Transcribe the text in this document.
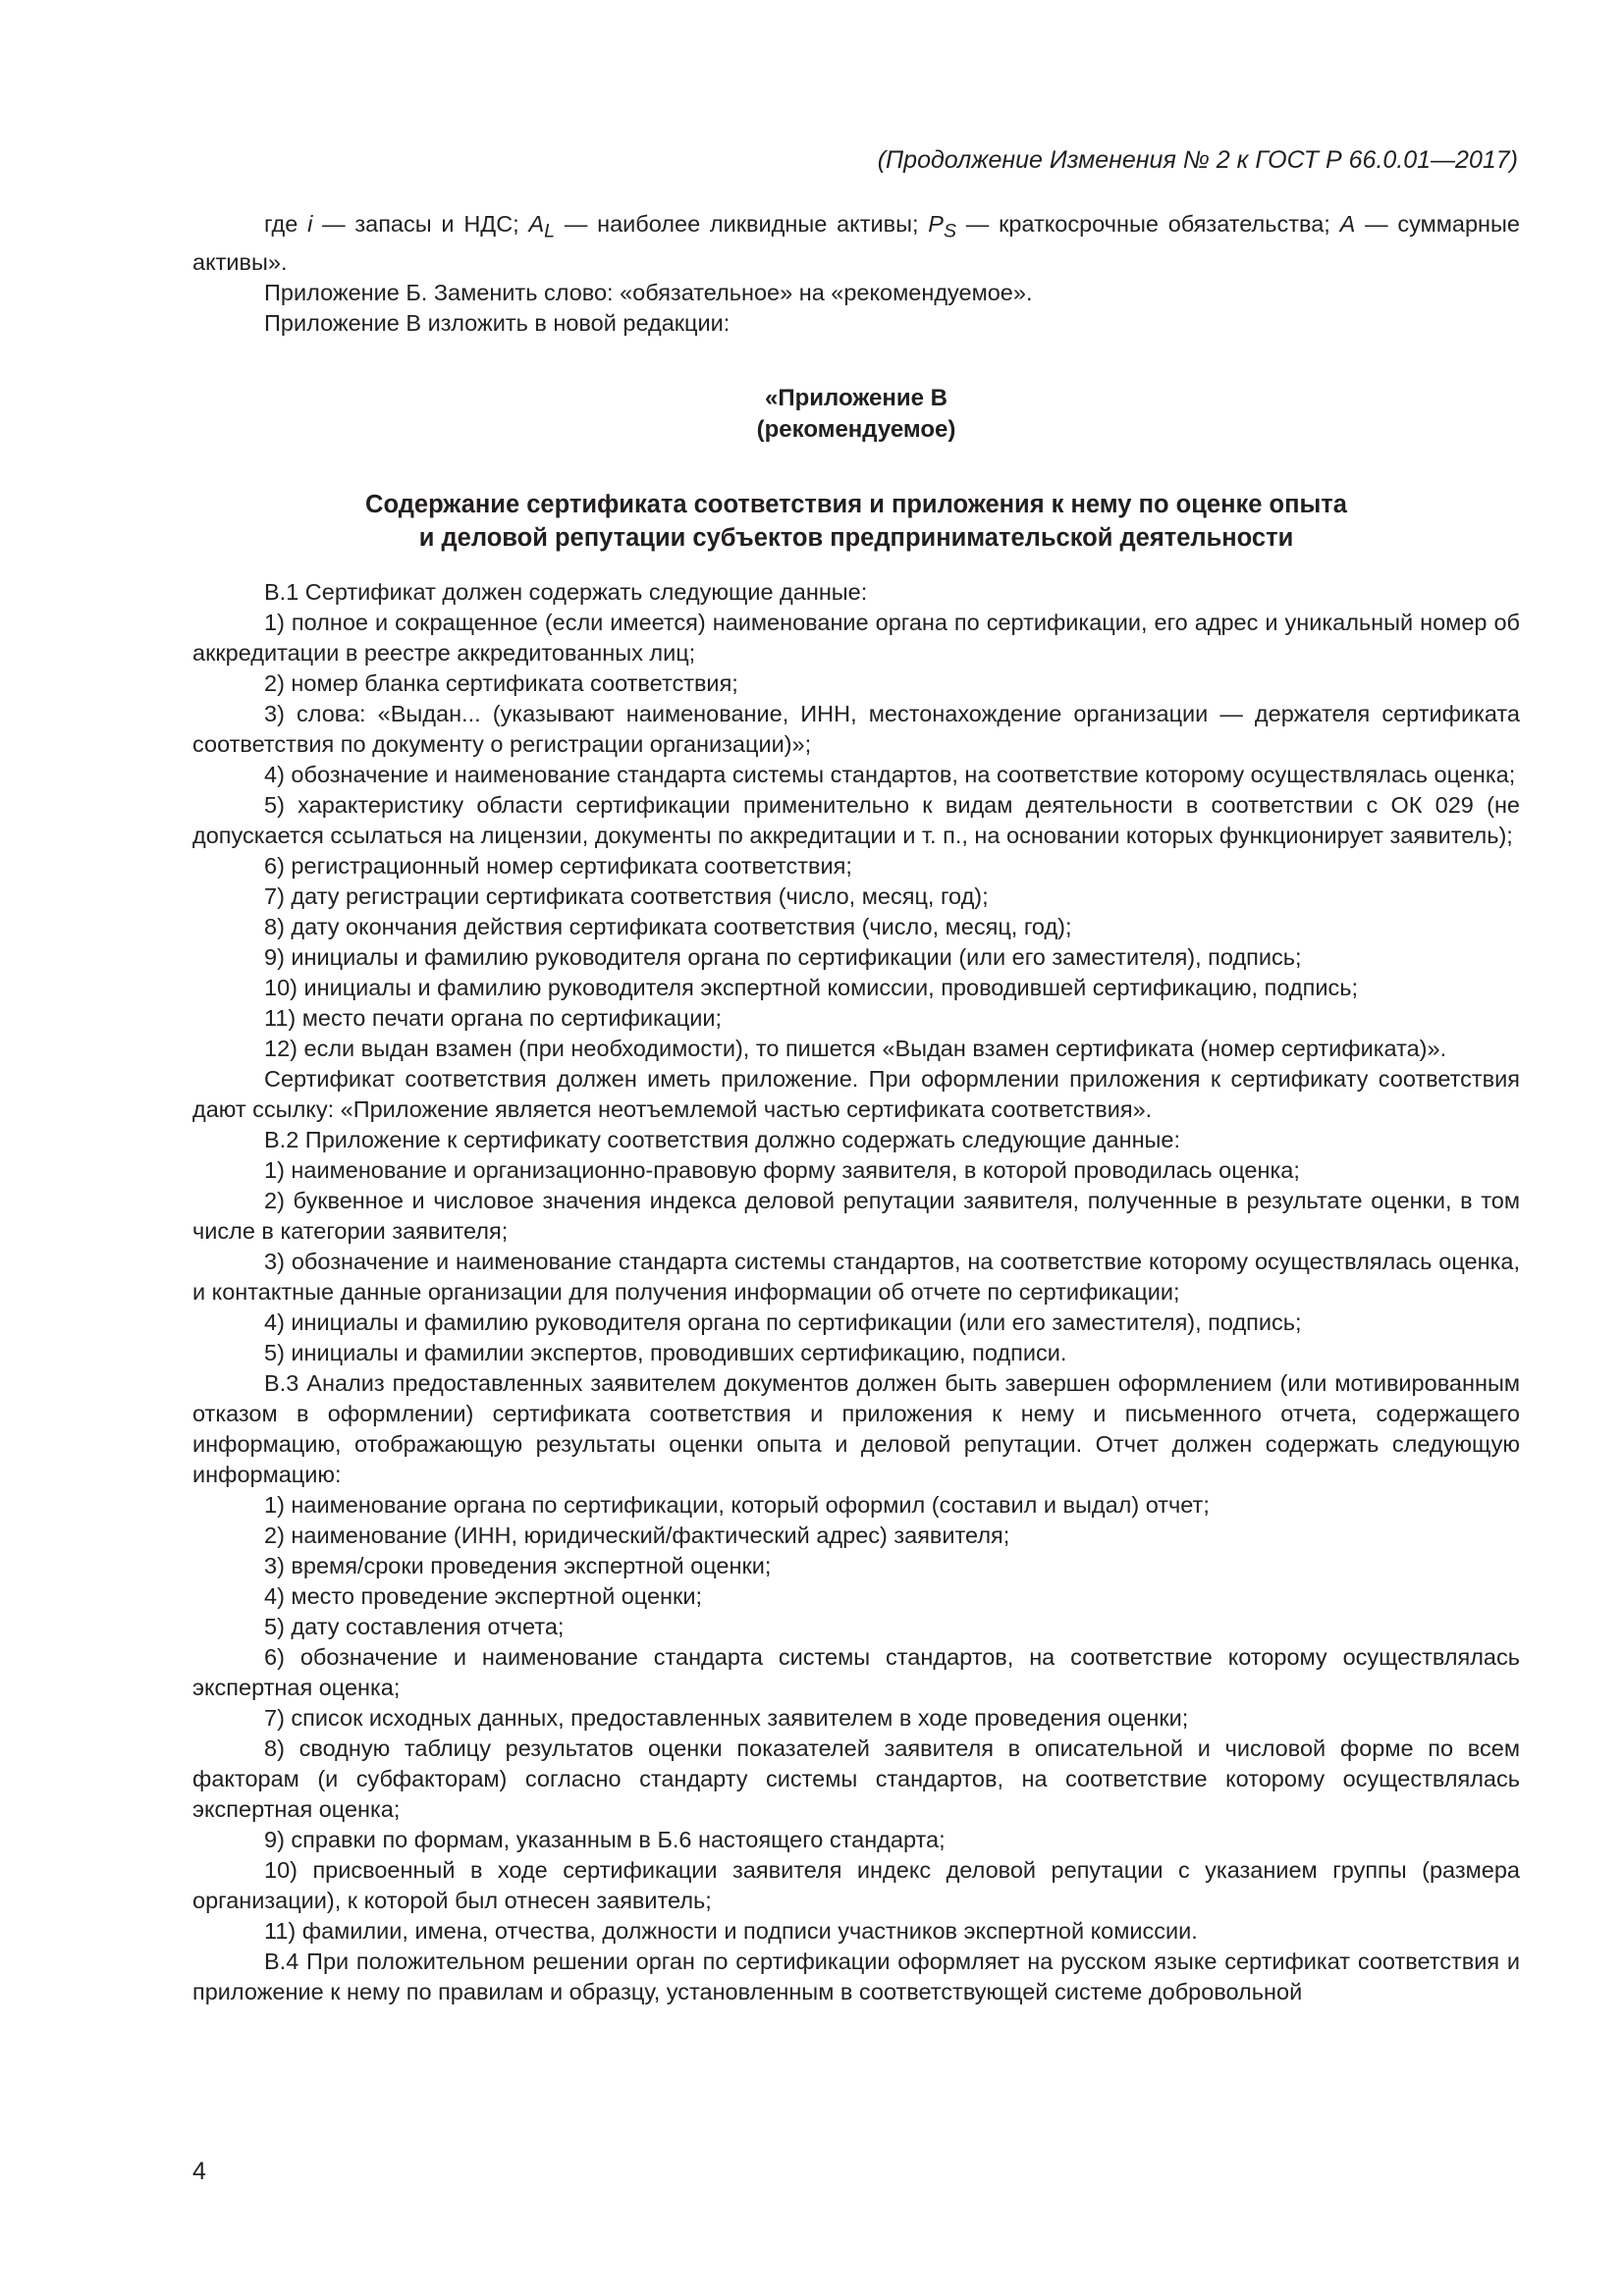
(Продолжение Изменения № 2 к ГОСТ Р 66.0.01—2017)

где i — запасы и НДС; $A_L$ — наиболее ликвидные активы; $P_S$ — краткосрочные обязательства; A — суммарные активы».

Приложение Б. Заменить слово: «обязательное» на «рекомендуемое».

Приложение В изложить в новой редакции:

«Приложение В
(рекомендуемое)
Содержание сертификата соответствия и приложения к нему по оценке опыта
и деловой репутации субъектов предпринимательской деятельности

В.1 Сертификат должен содержать следующие данные:

1) полное и сокращенное (если имеется) наименование органа по сертификации, его адрес и уникальный номер об аккредитации в реестре аккредитованных лиц;

2) номер бланка сертификата соответствия;

3) слова: «Выдан... (указывают наименование, ИНН, местонахождение организации — держателя сертификата соответствия по документу о регистрации организации)»;

4) обозначение и наименование стандарта системы стандартов, на соответствие которому осуществлялась оценка;

5) характеристику области сертификации применительно к видам деятельности в соответствии с ОК 029 (не допускается ссылаться на лицензии, документы по аккредитации и т. п., на основании которых функционирует заявитель);

6) регистрационный номер сертификата соответствия;

7) дату регистрации сертификата соответствия (число, месяц, год);

8) дату окончания действия сертификата соответствия (число, месяц, год);

9) инициалы и фамилию руководителя органа по сертификации (или его заместителя), подпись;

10) инициалы и фамилию руководителя экспертной комиссии, проводившей сертификацию, подпись;

11) место печати органа по сертификации;

12) если выдан взамен (при необходимости), то пишется «Выдан взамен сертификата (номер сертификата)».

Сертификат соответствия должен иметь приложение. При оформлении приложения к сертификату соответствия дают ссылку: «Приложение является неотъемлемой частью сертификата соответствия».

В.2 Приложение к сертификату соответствия должно содержать следующие данные:

1) наименование и организационно-правовую форму заявителя, в которой проводилась оценка;

2) буквенное и числовое значения индекса деловой репутации заявителя, полученные в результате оценки, в том числе в категории заявителя;

3) обозначение и наименование стандарта системы стандартов, на соответствие которому осуществлялась оценка, и контактные данные организации для получения информации об отчете по сертификации;

4) инициалы и фамилию руководителя органа по сертификации (или его заместителя), подпись;

5) инициалы и фамилии экспертов, проводивших сертификацию, подписи.

В.3 Анализ предоставленных заявителем документов должен быть завершен оформлением (или мотивированным отказом в оформлении) сертификата соответствия и приложения к нему и письменного отчета, содержащего информацию, отображающую результаты оценки опыта и деловой репутации. Отчет должен содержать следующую информацию:

1) наименование органа по сертификации, который оформил (составил и выдал) отчет;

2) наименование (ИНН, юридический/фактический адрес) заявителя;

3) время/сроки проведения экспертной оценки;

4) место проведение экспертной оценки;

5) дату составления отчета;

6) обозначение и наименование стандарта системы стандартов, на соответствие которому осуществлялась экспертная оценка;

7) список исходных данных, предоставленных заявителем в ходе проведения оценки;

8) сводную таблицу результатов оценки показателей заявителя в описательной и числовой форме по всем факторам (и субфакторам) согласно стандарту системы стандартов, на соответствие которому осуществлялась экспертная оценка;

9) справки по формам, указанным в Б.6 настоящего стандарта;

10) присвоенный в ходе сертификации заявителя индекс деловой репутации с указанием группы (размера организации), к которой был отнесен заявитель;

11) фамилии, имена, отчества, должности и подписи участников экспертной комиссии.

В.4 При положительном решении орган по сертификации оформляет на русском языке сертификат соответствия и приложение к нему по правилам и образцу, установленным в соответствующей системе добровольной

4
